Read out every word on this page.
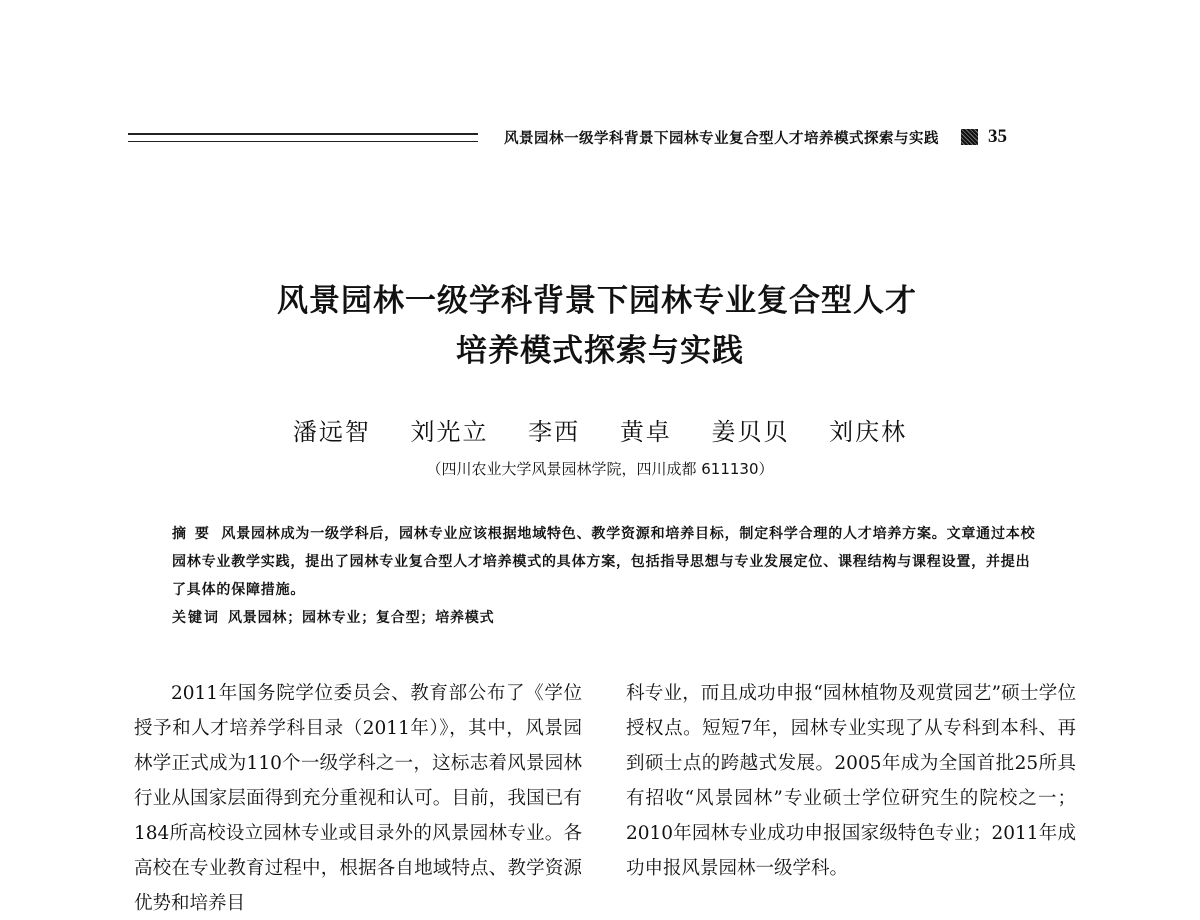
风景园林一级学科背景下园林专业复合型人才培养模式探索与实践	35
风景园林一级学科背景下园林专业复合型人才
培养模式探索与实践
潘远智 刘光立 李西 黄卓 姜贝贝 刘庆林
（四川农业大学风景园林学院，四川成都 611130）

摘 要 风景园林成为一级学科后，园林专业应该根据地域特色、教学资源和培养目标，制定科学合理的人才培养方案。文章通过本校园林专业教学实践，提出了园林专业复合型人才培养模式的具体方案，包括指导思想与专业发展定位、课程结构与课程设置，并提出了具体的保障措施。

关键词 风景园林；园林专业；复合型；培养模式

2011年国务院学位委员会、教育部公布了《学位授予和人才培养学科目录（2011年）》，其中，风景园林学正式成为110个一级学科之一，这标志着风景园林行业从国家层面得到充分重视和认可。目前，我国已有184所高校设立园林专业或目录外的风景园林专业。各高校在专业教育过程中，根据各自地域特点、教学资源优势和培养目

科专业，而且成功申报“园林植物及观赏园艺”硕士学位授权点。短短7年，园林专业实现了从专科到本科、再到硕士点的跨越式发展。2005年成为全国首批25所具有招收“风景园林”专业硕士学位研究生的院校之一；2010年园林专业成功申报国家级特色专业；2011年成功申报风景园林一级学科。
